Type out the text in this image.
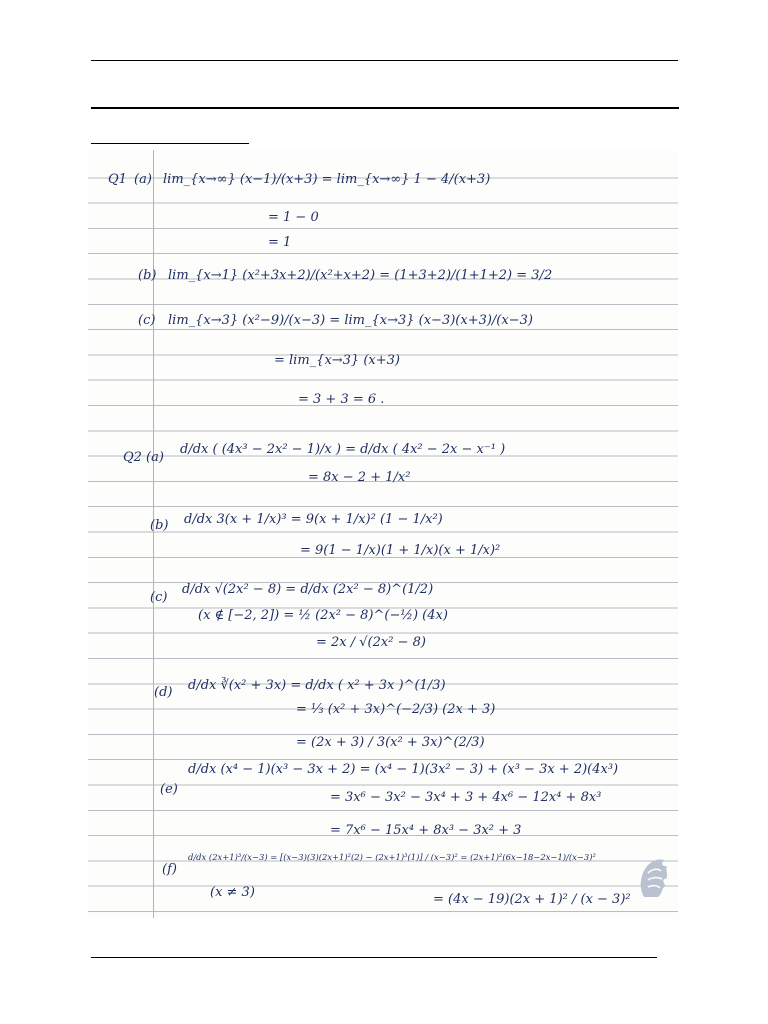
Q1 (a) lim_{x→∞} (x−1)/(x+3) = lim_{x→∞} 1 − 4/(x+3)

= 1 − 0

= 1

(b) lim_{x→1} (x²+3x+2)/(x²+x+2) = (1+3+2)/(1+1+2) = 3/2

(c) lim_{x→3} (x²−9)/(x−3) = lim_{x→3} (x−3)(x+3)/(x−3)

= lim_{x→3} (x+3)

= 3 + 3 = 6 .

Q2 (a)

d/dx ( (4x³ − 2x² − 1)/x ) = d/dx ( 4x² − 2x − x⁻¹ )

= 8x − 2 + 1/x²

(b) d/dx 3(x + 1/x)³ = 9(x + 1/x)² (1 − 1/x²)

= 9(1 − 1/x)(1 + 1/x)(x + 1/x)²

(c)

d/dx √(2x² − 8) = d/dx (2x² − 8)^(1/2)

(x ∉ [−2, 2]) = ½ (2x² − 8)^(−½) (4x)

= 2x / √(2x² − 8)

(d) d/dx ∛(x² + 3x) = d/dx ( x² + 3x )^(1/3)

= ⅓ (x² + 3x)^(−2/3) (2x + 3)

= (2x + 3) / 3(x² + 3x)^(2/3)

(e)

d/dx (x⁴ − 1)(x³ − 3x + 2) = (x⁴ − 1)(3x² − 3) + (x³ − 3x + 2)(4x³)

= 3x⁶ − 3x² − 3x⁴ + 3 + 4x⁶ − 12x⁴ + 8x³

= 7x⁶ − 15x⁴ + 8x³ − 3x² + 3

(f)

d/dx (2x+1)³/(x−3) = [(x−3)(3)(2x+1)²(2) − (2x+1)³(1)] / (x−3)² = (2x+1)²(6x−18−2x−1)/(x−3)²

(x ≠ 3)	= (4x − 19)(2x + 1)² / (x − 3)²
